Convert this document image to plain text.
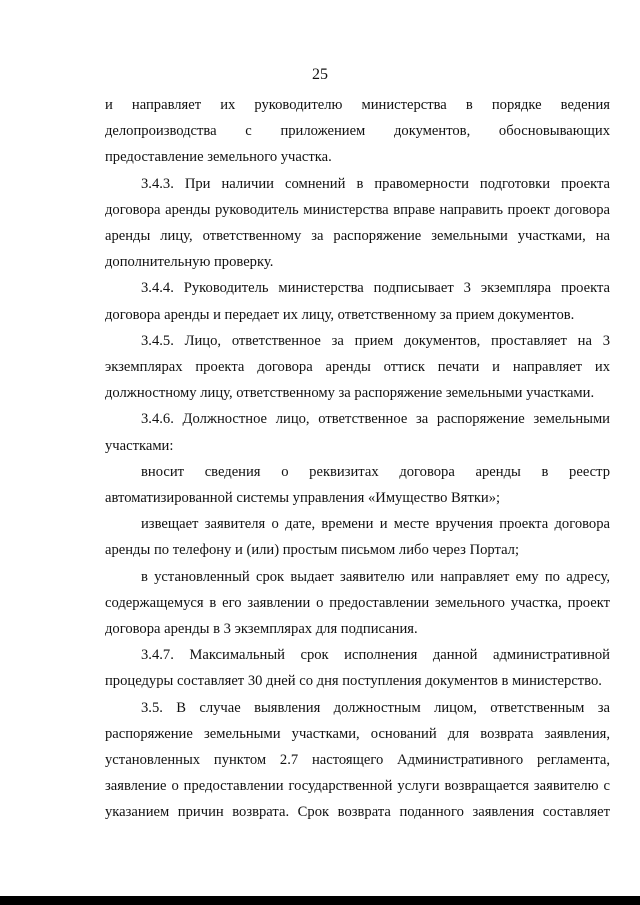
25

и направляет их руководителю министерства в порядке ведения делопроизводства с приложением документов, обосновывающих предоставление земельного участка.

3.4.3. При наличии сомнений в правомерности подготовки проекта договора аренды руководитель министерства вправе направить проект договора аренды лицу, ответственному за распоряжение земельными участками, на дополнительную проверку.

3.4.4. Руководитель министерства подписывает 3 экземпляра проекта договора аренды и передает их лицу, ответственному за прием документов.

3.4.5. Лицо, ответственное за прием документов, проставляет на 3 экземплярах проекта договора аренды оттиск печати и направляет их должностному лицу, ответственному за распоряжение земельными участками.

3.4.6. Должностное лицо, ответственное за распоряжение земельными участками:

вносит сведения о реквизитах договора аренды в реестр автоматизированной системы управления «Имущество Вятки»;

извещает заявителя о дате, времени и месте вручения проекта договора аренды по телефону и (или) простым письмом либо через Портал;

в установленный срок выдает заявителю или направляет ему по адресу, содержащемуся в его заявлении о предоставлении земельного участка, проект договора аренды в 3 экземплярах для подписания.

3.4.7. Максимальный срок исполнения данной административной процедуры составляет 30 дней со дня поступления документов в министерство.

3.5. В случае выявления должностным лицом, ответственным за распоряжение земельными участками, оснований для возврата заявления, установленных пунктом 2.7 настоящего Административного регламента, заявление о предоставлении государственной услуги возвращается заявителю с указанием причин возврата. Срок возврата поданного заявления составляет
